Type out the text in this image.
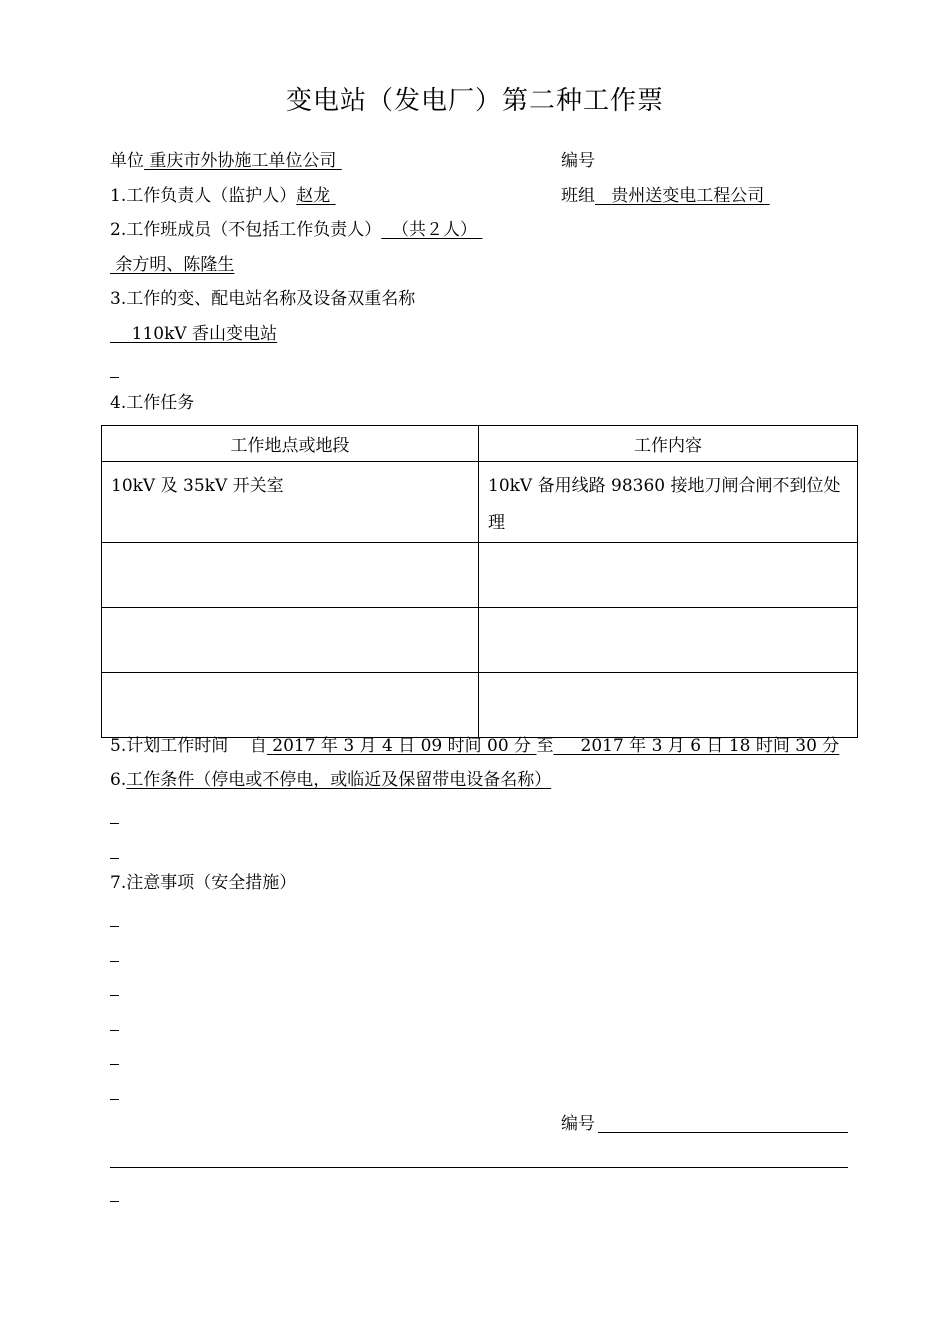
变电站（发电厂）第二种工作票
单位 重庆市外协施工单位公司	编号
1.工作负责人（监护人）赵龙	班组 贵州送变电工程公司
2.工作班成员（不包括工作负责人） （共２人）
余方明、陈隆生
3.工作的变、配电站名称及设备双重名称
110kV 香山变电站
4.工作任务
工作地点或地段	工作内容
10kV 及 35kV 开关室	10kV 备用线路 98360 接地刀闸合闸不到位处理

5.计划工作时间 自 2017 年 3 月 4 日 09 时间 00 分 至 2017 年 3 月 6 日 18 时间 30 分
6.工作条件（停电或不停电，或临近及保留带电设备名称）
7.注意事项（安全措施）
编号
